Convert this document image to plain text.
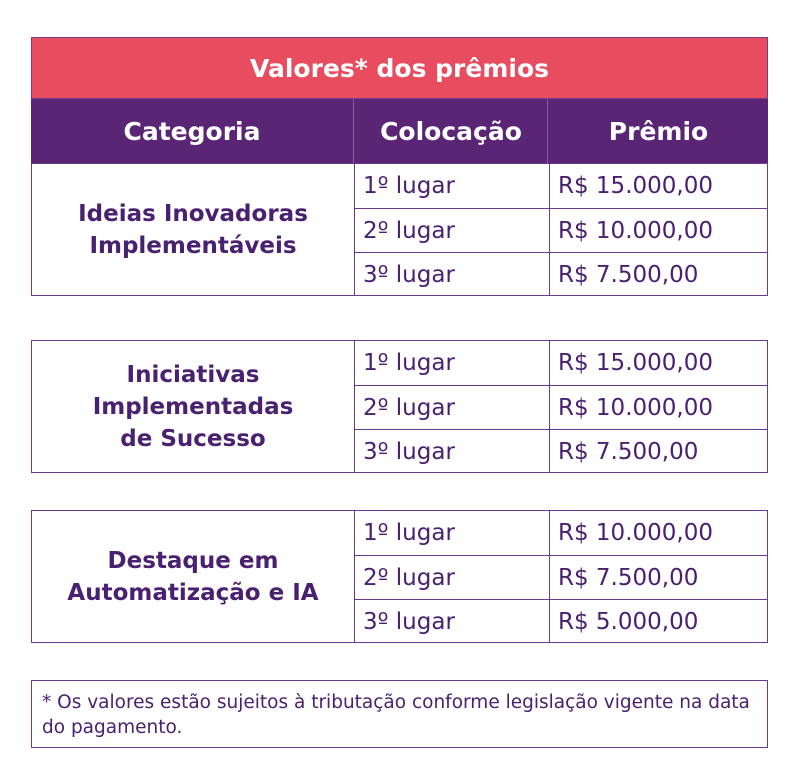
Valores* dos prêmios
Categoria	Colocação	Prêmio
Ideias Inovadoras
Implementáveis
1º lugar	R$ 15.000,00
2º lugar	R$ 10.000,00
3º lugar	R$ 7.500,00
Iniciativas
Implementadas
de Sucesso
1º lugar	R$ 15.000,00
2º lugar	R$ 10.000,00
3º lugar	R$ 7.500,00
Destaque em
Automatização e IA
1º lugar	R$ 10.000,00
2º lugar	R$ 7.500,00
3º lugar	R$ 5.000,00
* Os valores estão sujeitos à tributação conforme legislação vigente na data do pagamento.
